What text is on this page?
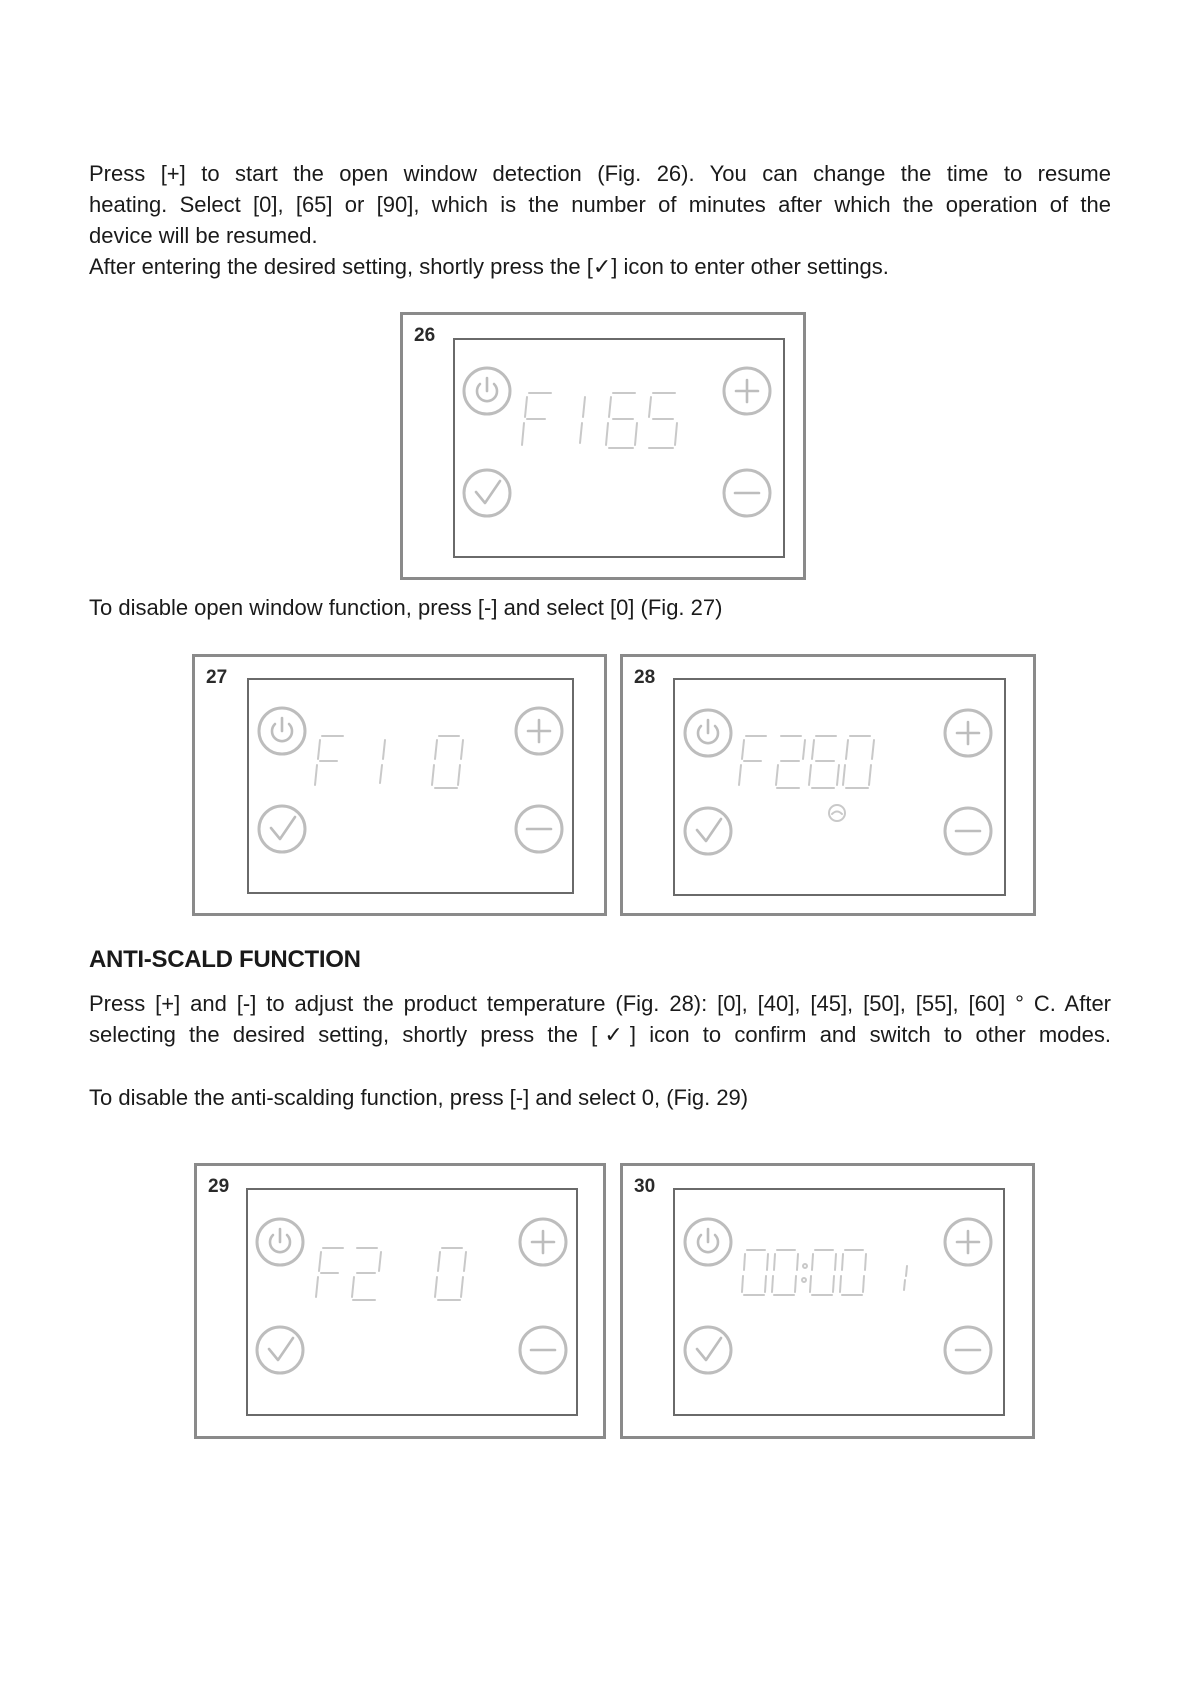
Press [+] to start the open window detection (Fig. 26). You can change the time to resume
heating. Select [0], [65] or [90], which is the number of minutes after which the operation of the
device will be resumed.
After entering the desired setting, shortly press the [✓] icon to enter other settings.

26

To disable open window function, press [-] and select [0] (Fig. 27)

27	28
ANTI-SCALD FUNCTION

Press [+] and [-] to adjust the product temperature (Fig. 28): [0], [40], [45], [50], [55], [60] ° C. After
selecting the desired setting, shortly press the [✓] icon to confirm and switch to other modes.

To disable the anti-scalding function, press [-] and select 0, (Fig. 29)

29	30
